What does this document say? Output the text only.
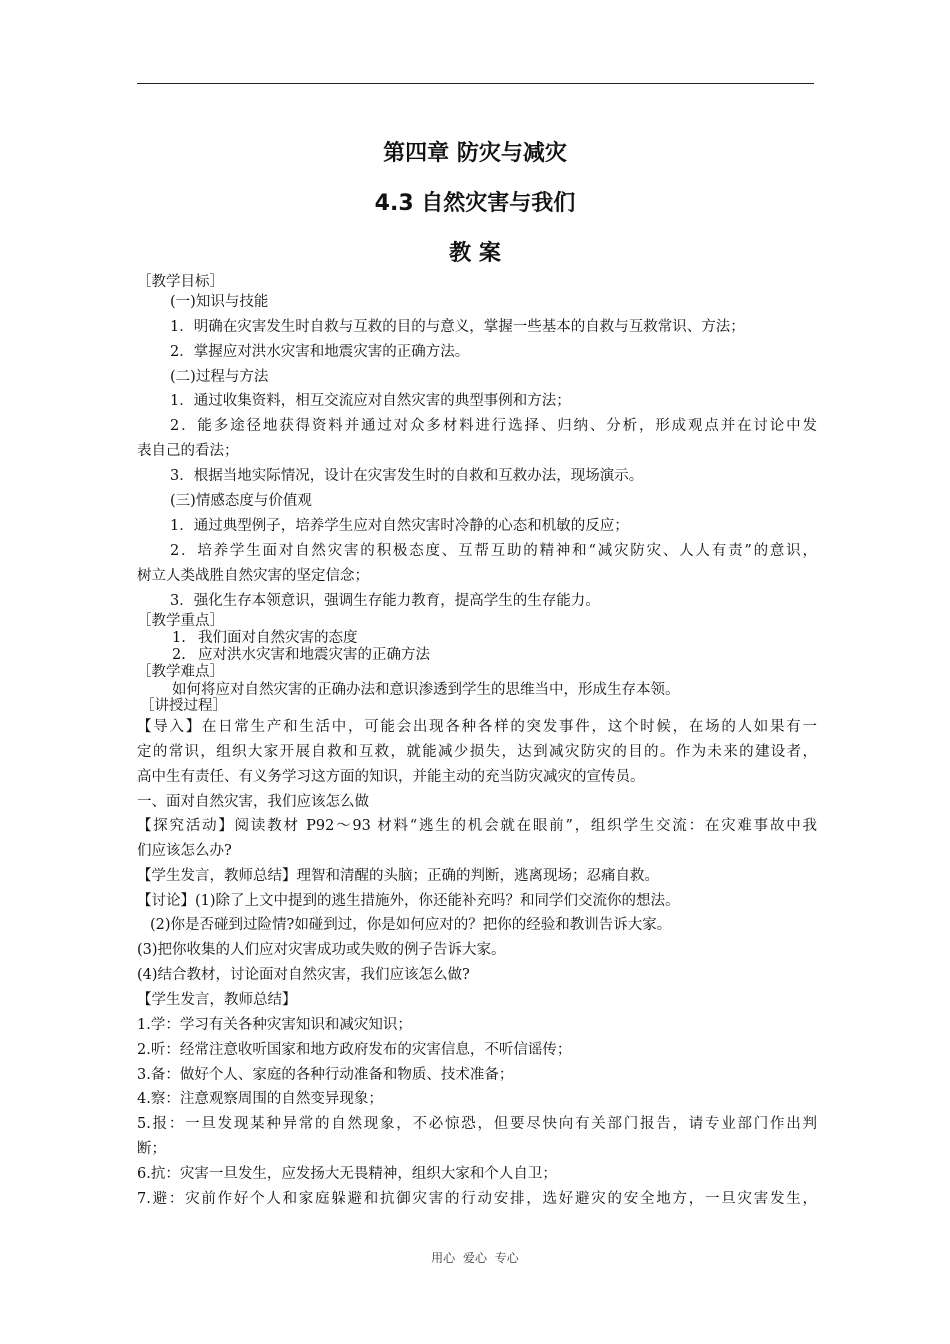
第四章 防灾与减灾
4.3 自然灾害与我们
教 案
［教学目标］
(一)知识与技能
1．明确在灾害发生时自救与互救的目的与意义，掌握一些基本的自救与互救常识、方法；
2．掌握应对洪水灾害和地震灾害的正确方法。
(二)过程与方法
1．通过收集资料，相互交流应对自然灾害的典型事例和方法；
2．能多途径地获得资料并通过对众多材料进行选择、归纳、分析，形成观点并在讨论中发
表自己的看法；
3．根据当地实际情况，设计在灾害发生时的自救和互救办法，现场演示。
(三)情感态度与价值观
1．通过典型例子，培养学生应对自然灾害时冷静的心态和机敏的反应；
2．培养学生面对自然灾害的积极态度、互帮互助的精神和“减灾防灾、人人有责”的意识，
树立人类战胜自然灾害的坚定信念；
3．强化生存本领意识，强调生存能力教育，提高学生的生存能力。
［教学重点］
1. 我们面对自然灾害的态度
2. 应对洪水灾害和地震灾害的正确方法
［教学难点］
如何将应对自然灾害的正确办法和意识渗透到学生的思维当中，形成生存本领。
［讲授过程］
【导入】在日常生产和生活中，可能会出现各种各样的突发事件，这个时候，在场的人如果有一
定的常识，组织大家开展自救和互救，就能减少损失，达到减灾防灾的目的。作为未来的建设者，
高中生有责任、有义务学习这方面的知识，并能主动的充当防灾减灾的宣传员。
一、面对自然灾害，我们应该怎么做
【探究活动】阅读教材 P92～93 材料“逃生的机会就在眼前”，组织学生交流：在灾难事故中我
们应该怎么办?
【学生发言，教师总结】理智和清醒的头脑；正确的判断，逃离现场；忍痛自救。
【讨论】(1)除了上文中提到的逃生措施外，你还能补充吗？和同学们交流你的想法。
(2)你是否碰到过险情?如碰到过，你是如何应对的？把你的经验和教训告诉大家。
(3)把你收集的人们应对灾害成功或失败的例子告诉大家。
(4)结合教材，讨论面对自然灾害，我们应该怎么做?
【学生发言，教师总结】
1.学：学习有关各种灾害知识和减灾知识；
2.听：经常注意收听国家和地方政府发布的灾害信息，不听信谣传；
3.备：做好个人、家庭的各种行动准备和物质、技术准备；
4.察：注意观察周围的自然变异现象；
5.报：一旦发现某种异常的自然现象，不必惊恐，但要尽快向有关部门报告，请专业部门作出判
断；
6.抗：灾害一旦发生，应发扬大无畏精神，组织大家和个人自卫；
7.避：灾前作好个人和家庭躲避和抗御灾害的行动安排，选好避灾的安全地方，一旦灾害发生，
用心 爱心 专心
